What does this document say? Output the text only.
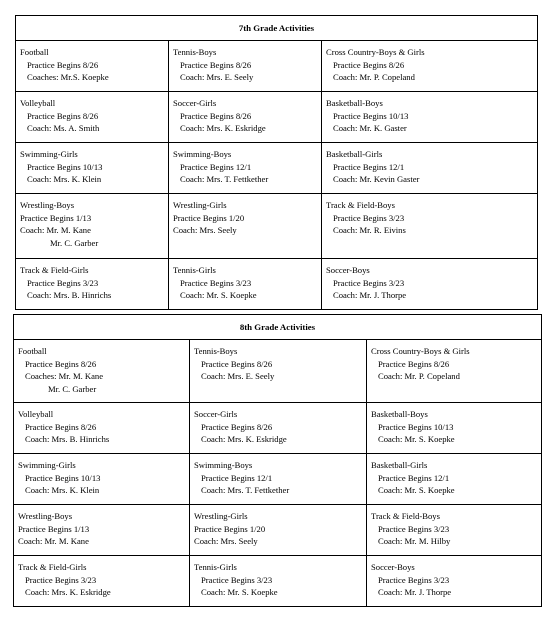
7th Grade Activities		

Football
Practice Begins 8/26
Coaches: Mr.S. Koepke	Tennis-Boys
Practice Begins 8/26
Coach: Mrs. E. Seely	Cross Country-Boys & Girls
Practice Begins 8/26
Coach: Mr. P. Copeland

Volleyball
Practice Begins 8/26
Coach: Ms. A. Smith	Soccer-Girls
Practice Begins 8/26
Coach: Mrs. K. Eskridge	Basketball-Boys
Practice Begins 10/13
Coach: Mr. K. Gaster

Swimming-Girls
Practice Begins 10/13
Coach: Mrs. K. Klein	Swimming-Boys
Practice Begins 12/1
Coach: Mrs. T. Fettkether	Basketball-Girls
Practice Begins 12/1
Coach: Mr. Kevin Gaster

Wrestling-Boys
Practice Begins 1/13
Coach: Mr. M. Kane
Mr. C. Garber	Wrestling-Girls
Practice Begins 1/20
Coach: Mrs. Seely	Track & Field-Boys
Practice Begins 3/23
Coach: Mr. R. Eivins

Track & Field-Girls
Practice Begins 3/23
Coach: Mrs. B. Hinrichs	Tennis-Girls
Practice Begins 3/23
Coach: Mr. S. Koepke	Soccer-Boys
Practice Begins 3/23
Coach: Mr. J. Thorpe
8th Grade Activities		

Football
Practice Begins 8/26
Coaches: Mr. M. Kane
Mr. C. Garber	Tennis-Boys
Practice Begins 8/26
Coach: Mrs. E. Seely	Cross Country-Boys & Girls
Practice Begins 8/26
Coach: Mr. P. Copeland

Volleyball
Practice Begins 8/26
Coach: Mrs. B. Hinrichs	Soccer-Girls
Practice Begins 8/26
Coach: Mrs. K. Eskridge	Basketball-Boys
Practice Begins 10/13
Coach: Mr. S. Koepke

Swimming-Girls
Practice Begins 10/13
Coach: Mrs. K. Klein	Swimming-Boys
Practice Begins 12/1
Coach: Mrs. T. Fettkether	Basketball-Girls
Practice Begins 12/1
Coach: Mr. S. Koepke

Wrestling-Boys
Practice Begins 1/13
Coach: Mr. M. Kane	Wrestling-Girls
Practice Begins 1/20
Coach: Mrs. Seely	Track & Field-Boys
Practice Begins 3/23
Coach: Mr. M. Hilby

Track & Field-Girls
Practice Begins 3/23
Coach: Mrs. K. Eskridge	Tennis-Girls
Practice Begins 3/23
Coach: Mr. S. Koepke	Soccer-Boys
Practice Begins 3/23
Coach: Mr. J. Thorpe
